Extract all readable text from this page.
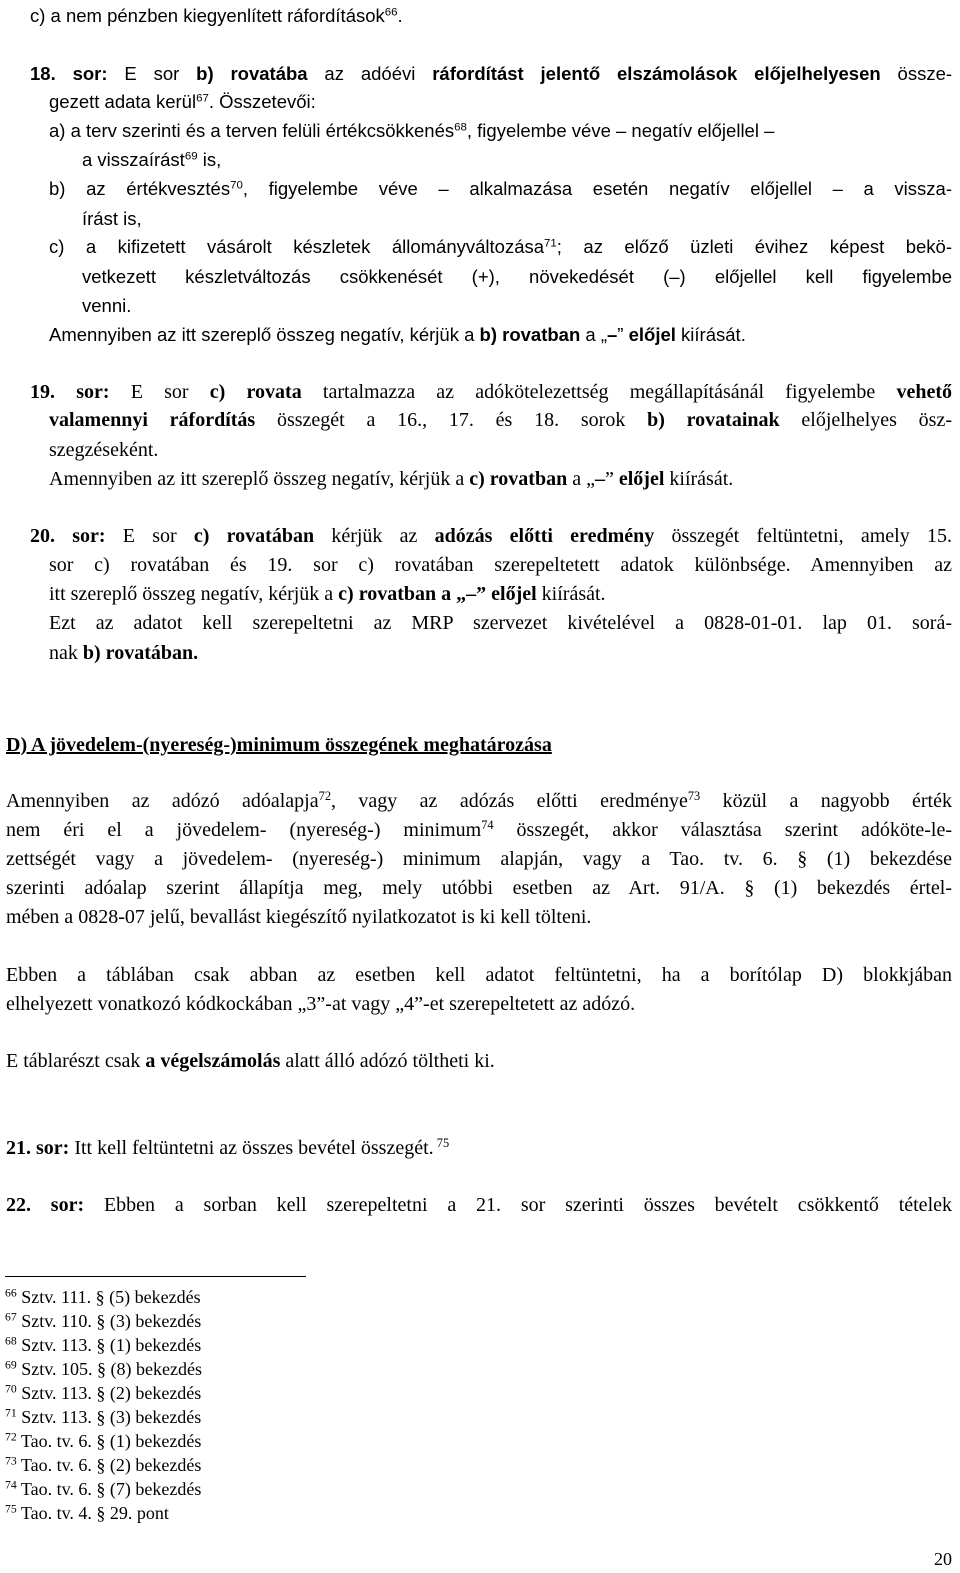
c) a nem pénzben kiegyenlített ráfordítások$^{66}$.
18. sor: E sor b) rovatába az adóévi ráfordítást jelentő elszámolások előjelhelyesen össze-
gezett adata kerül$^{67}$. Összetevői:
a) a terv szerinti és a terven felüli értékcsökkenés$^{68}$, figyelembe véve – negatív előjellel –
a visszaírást$^{69}$ is,
b) az értékvesztés$^{70}$, figyelembe véve – alkalmazása esetén negatív előjellel – a vissza-
írást is,
c) a kifizetett vásárolt készletek állományváltozása$^{71}$; az előző üzleti évihez képest bekö-
vetkezett készletváltozás csökkenését (+), növekedését (–) előjellel kell figyelembe
venni.
Amennyiben az itt szereplő összeg negatív, kérjük a b) rovatban a „–” előjel kiírását.
19. sor: E sor c) rovata tartalmazza az adókötelezettség megállapításánál figyelembe vehető
valamennyi ráfordítás összegét a 16., 17. és 18. sorok b) rovatainak előjelhelyes ösz-
szegzéseként.
Amennyiben az itt szereplő összeg negatív, kérjük a c) rovatban a „–” előjel kiírását.
20. sor: E sor c) rovatában kérjük az adózás előtti eredmény összegét feltüntetni, amely 15.
sor c) rovatában és 19. sor c) rovatában szerepeltetett adatok különbsége. Amennyiben az
itt szereplő összeg negatív, kérjük a c) rovatban a „–” előjel kiírását.
Ezt az adatot kell szerepeltetni az MRP szervezet kivételével a 0828-01-01. lap 01. sorá-
nak b) rovatában.
D) A jövedelem-(nyereség-)minimum összegének meghatározása
Amennyiben az adózó adóalapja$^{72}$, vagy az adózás előtti eredménye$^{73}$ közül a nagyobb érték
nem éri el a jövedelem- (nyereség-) minimum$^{74}$ összegét, akkor választása szerint adóköte-le-
zettségét vagy a jövedelem- (nyereség-) minimum alapján, vagy a Tao. tv. 6. § (1) bekezdése
szerinti adóalap szerint állapítja meg, mely utóbbi esetben az Art. 91/A. § (1) bekezdés értel-
mében a 0828-07 jelű, bevallást kiegészítő nyilatkozatot is ki kell tölteni.
Ebben a táblában csak abban az esetben kell adatot feltüntetni, ha a borítólap D) blokkjában
elhelyezett vonatkozó kódkockában „3”-at vagy „4”-et szerepeltetett az adózó.
E táblarészt csak a végelszámolás alatt álló adózó töltheti ki.
21. sor: Itt kell feltüntetni az összes bevétel összegét. $^{75}$
22. sor: Ebben a sorban kell szerepeltetni a 21. sor szerinti összes bevételt csökkentő tételek
$^{66}$ Sztv. 111. § (5) bekezdés
$^{67}$ Sztv. 110. § (3) bekezdés
$^{68}$ Sztv. 113. § (1) bekezdés
$^{69}$ Sztv. 105. § (8) bekezdés
$^{70}$ Sztv. 113. § (2) bekezdés
$^{71}$ Sztv. 113. § (3) bekezdés
$^{72}$ Tao. tv. 6. § (1) bekezdés
$^{73}$ Tao. tv. 6. § (2) bekezdés
$^{74}$ Tao. tv. 6. § (7) bekezdés
$^{75}$ Tao. tv. 4. § 29. pont
20
